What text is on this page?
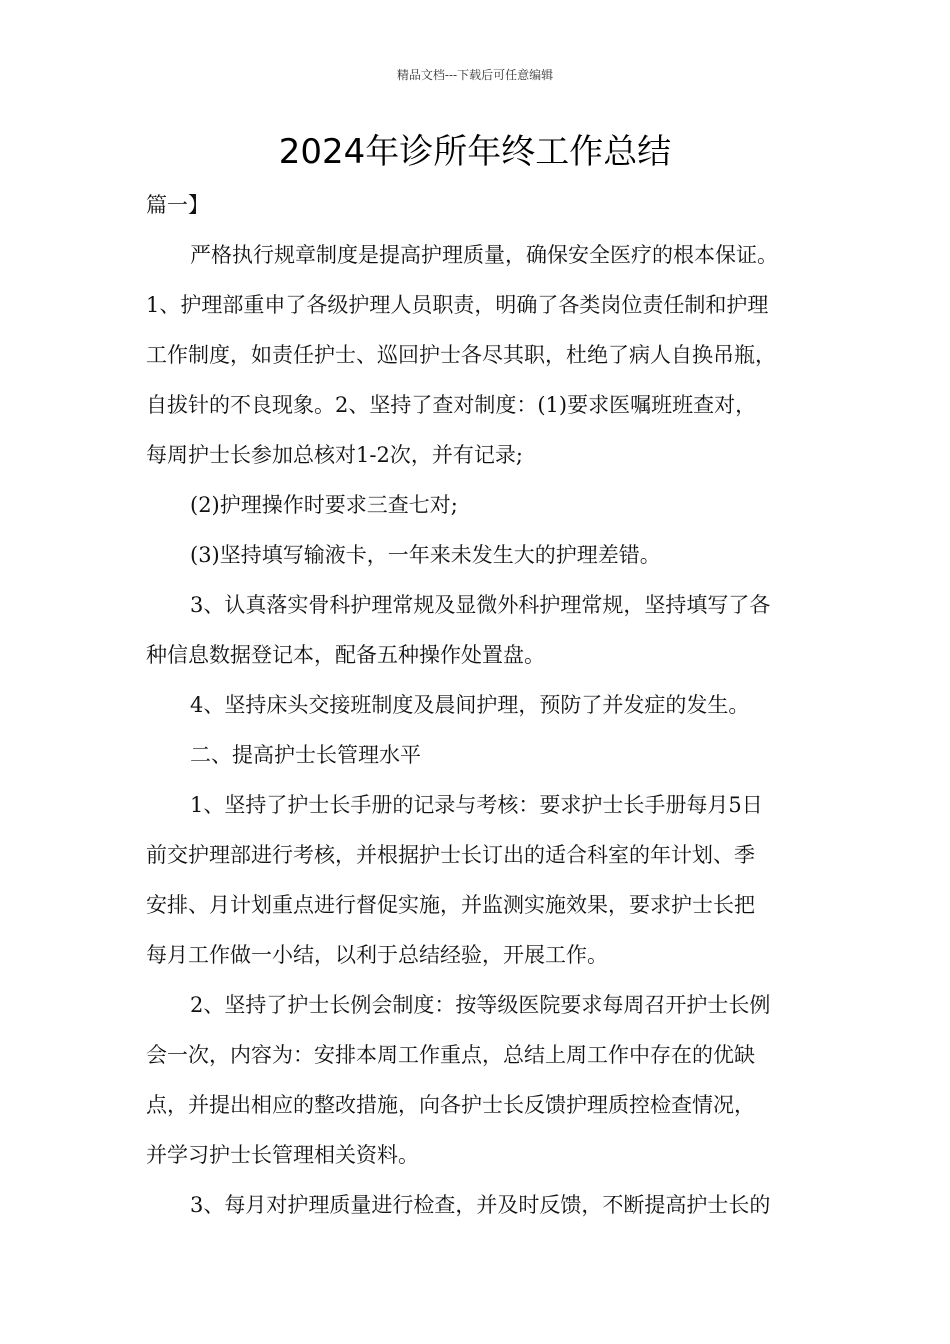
精品文档---下载后可任意编辑
2024年诊所年终工作总结
篇一】
严格执行规章制度是提高护理质量，确保安全医疗的根本保证。
1、护理部重申了各级护理人员职责，明确了各类岗位责任制和护理
工作制度，如责任护士、巡回护士各尽其职，杜绝了病人自换吊瓶，
自拔针的不良现象。2、坚持了查对制度：(1)要求医嘱班班查对，
每周护士长参加总核对1-2次，并有记录;
(2)护理操作时要求三查七对;
(3)坚持填写输液卡，一年来未发生大的护理差错。
3、认真落实骨科护理常规及显微外科护理常规，坚持填写了各
种信息数据登记本，配备五种操作处置盘。
4、坚持床头交接班制度及晨间护理，预防了并发症的发生。
二、提高护士长管理水平
1、坚持了护士长手册的记录与考核：要求护士长手册每月5日
前交护理部进行考核，并根据护士长订出的适合科室的年计划、季
安排、月计划重点进行督促实施，并监测实施效果，要求护士长把
每月工作做一小结，以利于总结经验，开展工作。
2、坚持了护士长例会制度：按等级医院要求每周召开护士长例
会一次，内容为：安排本周工作重点，总结上周工作中存在的优缺
点，并提出相应的整改措施，向各护士长反馈护理质控检查情况，
并学习护士长管理相关资料。
3、每月对护理质量进行检查，并及时反馈，不断提高护士长的
